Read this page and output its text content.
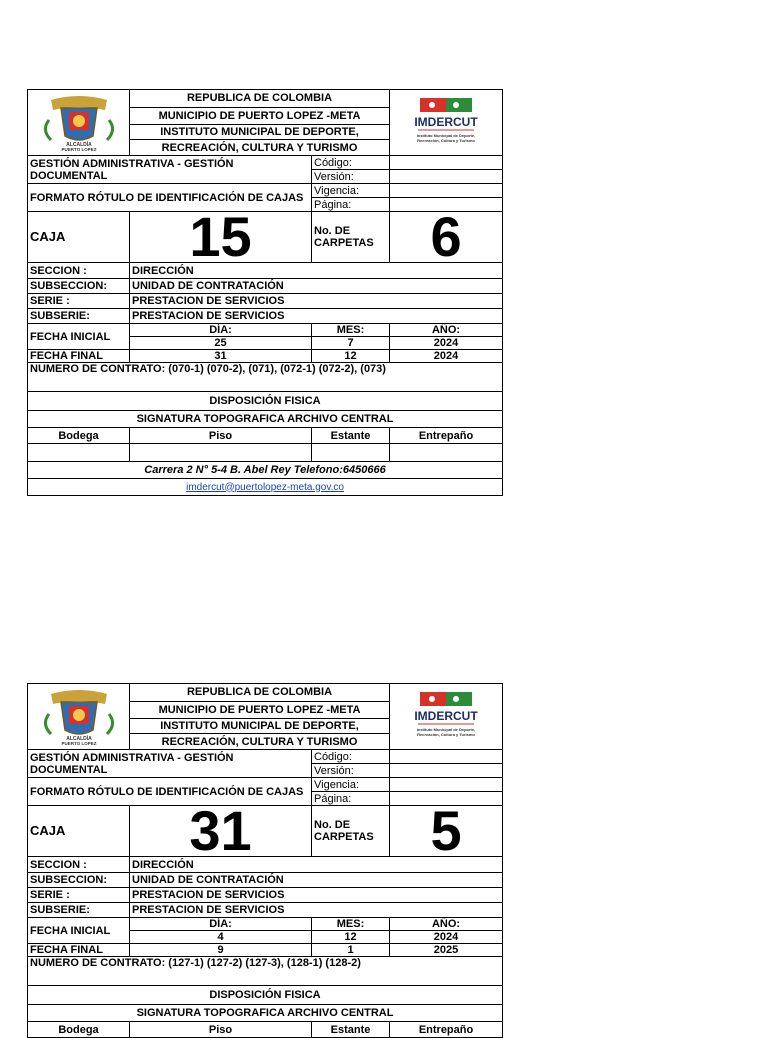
ALCALDÍA
PUERTO LOPEZ	REPUBLICA DE COLOMBIA		IMDERCUT
Instituto Municipal de Deporte,
Recreación, Cultura y Turismo

	MUNICIPIO DE PUERTO LOPEZ -META		
	INSTITUTO MUNICIPAL DE DEPORTE,		
	RECREACIÓN, CULTURA Y TURISMO		
GESTIÓN ADMINISTRATIVA - GESTIÓN DOCUMENTAL		Código:	
		Versión:	
FORMATO RÓTULO DE IDENTIFICACIÓN DE CAJAS		Vigencia:	
		Página:	
CAJA	15	No. DE CARPETAS	6
SECCION :	DIRECCIÓN		
SUBSECCION:	UNIDAD DE CONTRATACIÓN		
SERIE :	PRESTACION DE SERVICIOS		
SUBSERIE:	PRESTACION DE SERVICIOS		
FECHA INICIAL	DÍA:	MES:	AÑO:
	25	7	2024
FECHA FINAL	31	12	2024
NUMERO DE CONTRATO: (070-1) (070-2), (071), (072-1) (072-2), (073)			
DISPOSICIÓN FISICA			
SIGNATURA TOPOGRAFICA ARCHIVO CENTRAL			
Bodega	Piso	Estante	Entrepaño

Carrera 2 N° 5-4 B. Abel Rey Telefono:6450666			
imdercut@puertolopez-meta.gov.co			
ALCALDÍA
PUERTO LOPEZ	REPUBLICA DE COLOMBIA		IMDERCUT
Instituto Municipal de Deporte,
Recreación, Cultura y Turismo

	MUNICIPIO DE PUERTO LOPEZ -META		
	INSTITUTO MUNICIPAL DE DEPORTE,		
	RECREACIÓN, CULTURA Y TURISMO		
GESTIÓN ADMINISTRATIVA - GESTIÓN DOCUMENTAL		Código:	
		Versión:	
FORMATO RÓTULO DE IDENTIFICACIÓN DE CAJAS		Vigencia:	
		Página:	
CAJA	31	No. DE CARPETAS	5
SECCION :	DIRECCIÓN		
SUBSECCION:	UNIDAD DE CONTRATACIÓN		
SERIE :	PRESTACION DE SERVICIOS		
SUBSERIE:	PRESTACION DE SERVICIOS		
FECHA INICIAL	DÍA:	MES:	AÑO:
	4	12	2024
FECHA FINAL	9	1	2025
NUMERO DE CONTRATO: (127-1) (127-2) (127-3), (128-1) (128-2)			
DISPOSICIÓN FISICA			
SIGNATURA TOPOGRAFICA ARCHIVO CENTRAL			
Bodega	Piso	Estante	Entrepaño
